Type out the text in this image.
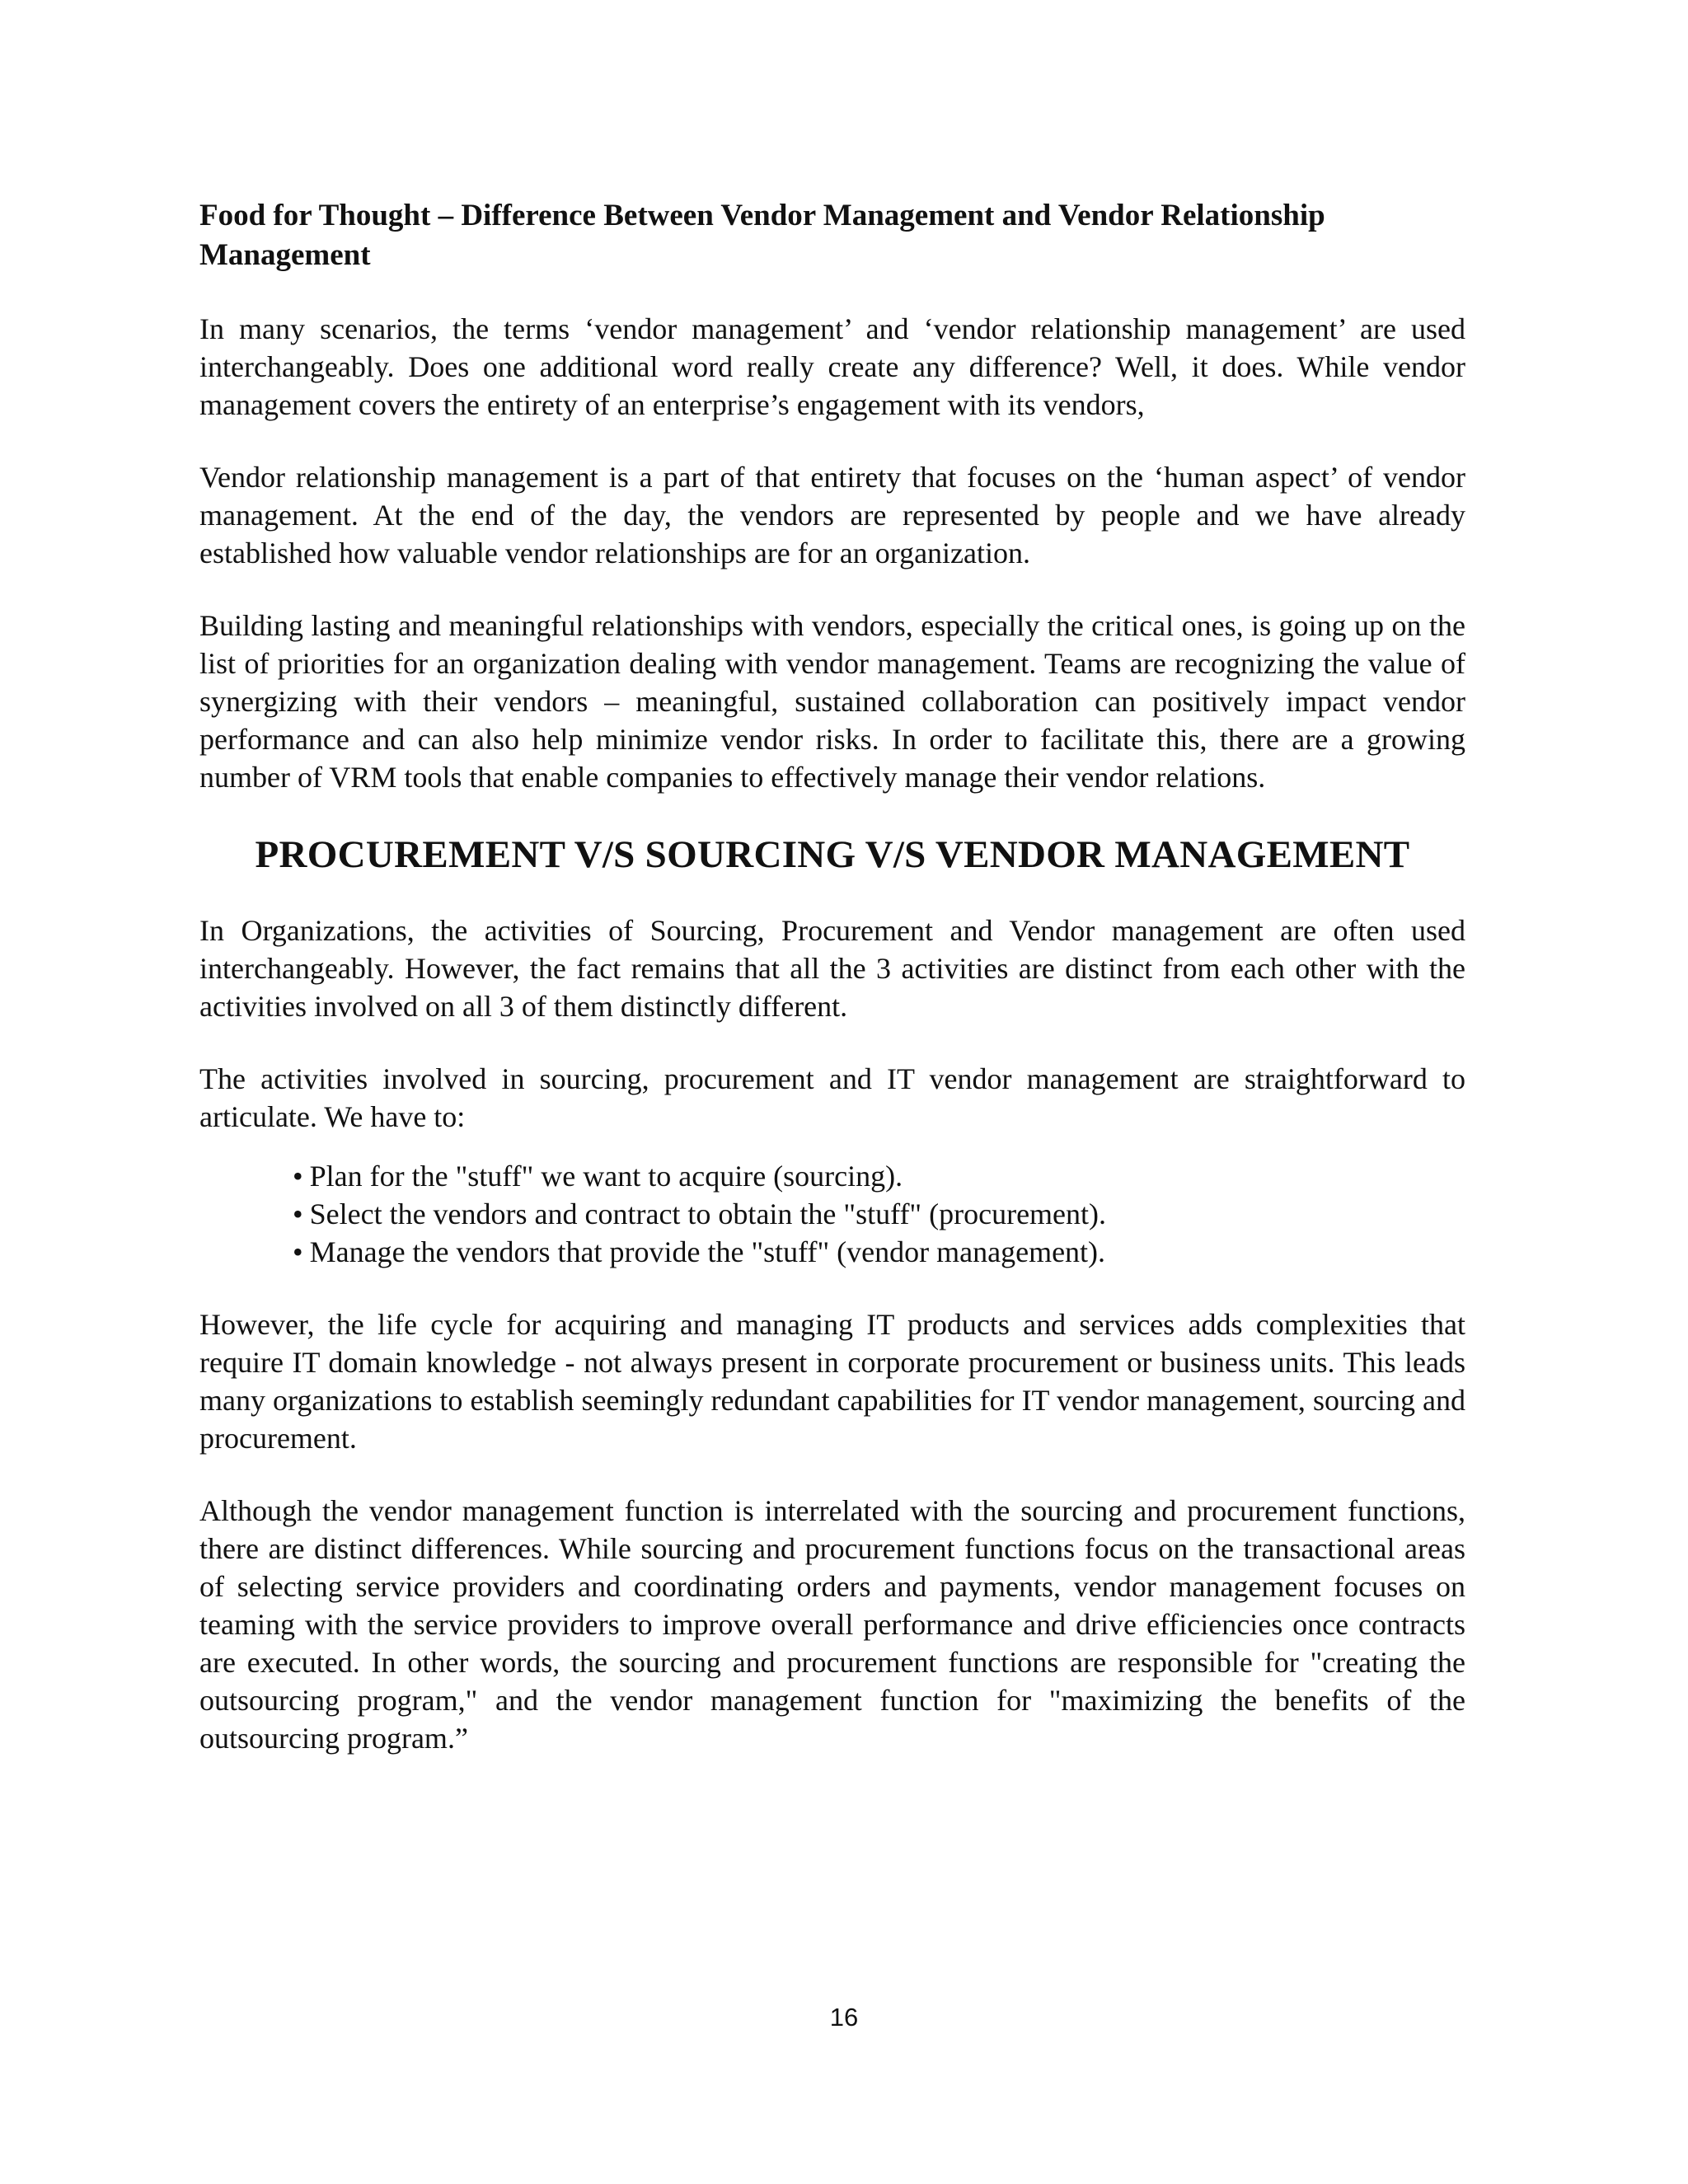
Food for Thought – Difference Between Vendor Management and Vendor Relationship Management

In many scenarios, the terms ‘vendor management’ and ‘vendor relationship management’ are used interchangeably. Does one additional word really create any difference? Well, it does. While vendor management covers the entirety of an enterprise’s engagement with its vendors,

Vendor relationship management is a part of that entirety that focuses on the ‘human aspect’ of vendor management. At the end of the day, the vendors are represented by people and we have already established how valuable vendor relationships are for an organization.

Building lasting and meaningful relationships with vendors, especially the critical ones, is going up on the list of priorities for an organization dealing with vendor management. Teams are recognizing the value of synergizing with their vendors – meaningful, sustained collaboration can positively impact vendor performance and can also help minimize vendor risks. In order to facilitate this, there are a growing number of VRM tools that enable companies to effectively manage their vendor relations.

PROCUREMENT V/S SOURCING V/S VENDOR MANAGEMENT

In Organizations, the activities of Sourcing, Procurement and Vendor management are often used interchangeably. However, the fact remains that all the 3 activities are distinct from each other with the activities involved on all 3 of them distinctly different.

The activities involved in sourcing, procurement and IT vendor management are straightforward to articulate. We have to:

• Plan for the "stuff" we want to acquire (sourcing).
• Select the vendors and contract to obtain the "stuff" (procurement).
• Manage the vendors that provide the "stuff" (vendor management).

However, the life cycle for acquiring and managing IT products and services adds complexities that require IT domain knowledge - not always present in corporate procurement or business units. This leads many organizations to establish seemingly redundant capabilities for IT vendor management, sourcing and procurement.

Although the vendor management function is interrelated with the sourcing and procurement functions, there are distinct differences. While sourcing and procurement functions focus on the transactional areas of selecting service providers and coordinating orders and payments, vendor management focuses on teaming with the service providers to improve overall performance and drive efficiencies once contracts are executed. In other words, the sourcing and procurement functions are responsible for "creating the outsourcing program," and the vendor management function for "maximizing the benefits of the outsourcing program.”

16
